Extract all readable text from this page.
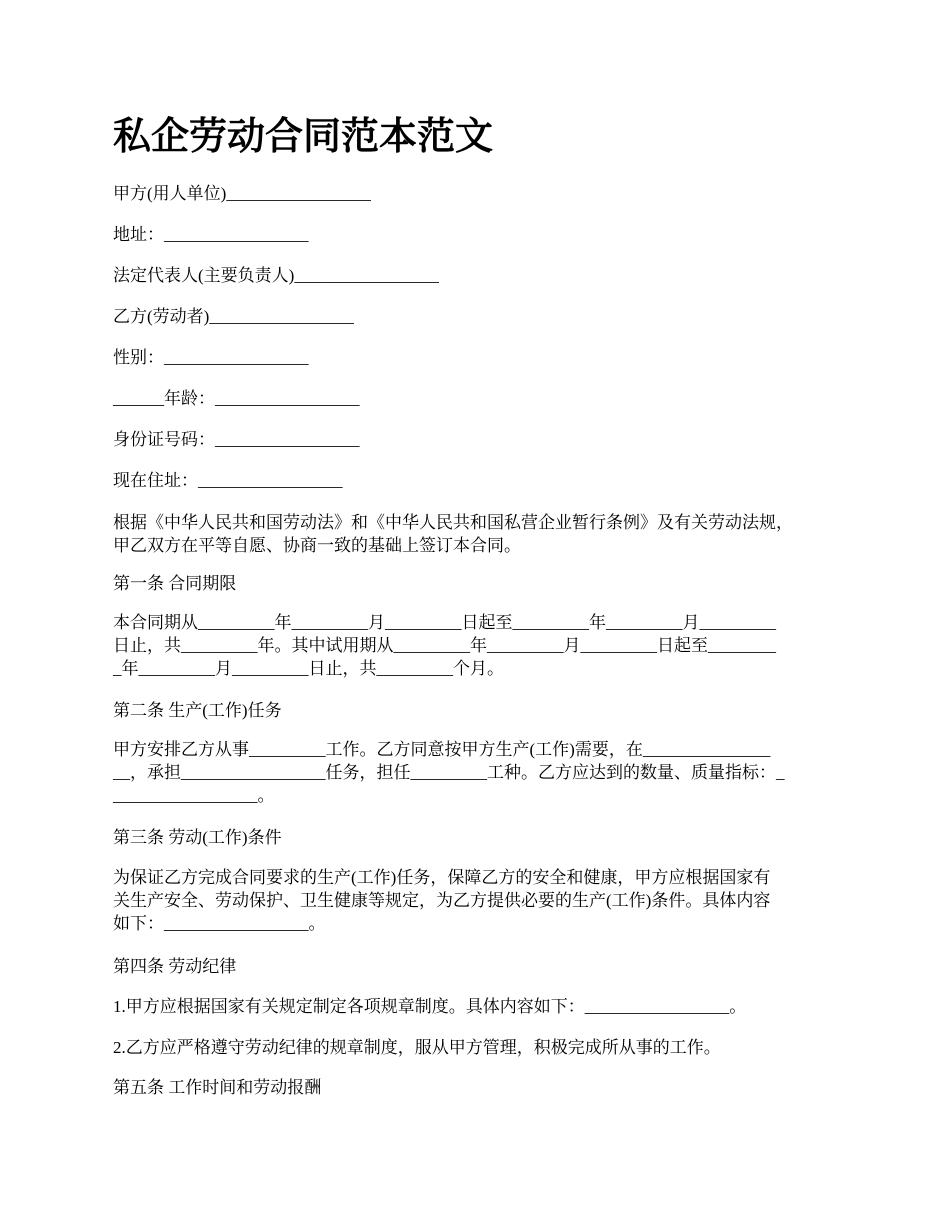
私企劳动合同范本范文

甲方(用人单位)_________________

地址：_________________

法定代表人(主要负责人)_________________

乙方(劳动者)_________________

性别：_________________

______年龄：_________________

身份证号码：_________________

现在住址：_________________

根据《中华人民共和国劳动法》和《中华人民共和国私营企业暂行条例》及有关劳动法规，
甲乙双方在平等自愿、协商一致的基础上签订本合同。

第一条 合同期限

本合同期从_________年_________月_________日起至_________年_________月_________
日止，共_________年。其中试用期从_________年_________月_________日起至________
_年_________月_________日止，共_________个月。

第二条 生产(工作)任务

甲方安排乙方从事_________工作。乙方同意按甲方生产(工作)需要，在_______________
__，承担_________________任务，担任_________工种。乙方应达到的数量、质量指标：_
_________________。

第三条 劳动(工作)条件

为保证乙方完成合同要求的生产(工作)任务，保障乙方的安全和健康，甲方应根据国家有
关生产安全、劳动保护、卫生健康等规定，为乙方提供必要的生产(工作)条件。具体内容
如下：_________________。

第四条 劳动纪律

1.甲方应根据国家有关规定制定各项规章制度。具体内容如下：_________________。

2.乙方应严格遵守劳动纪律的规章制度，服从甲方管理，积极完成所从事的工作。

第五条 工作时间和劳动报酬
